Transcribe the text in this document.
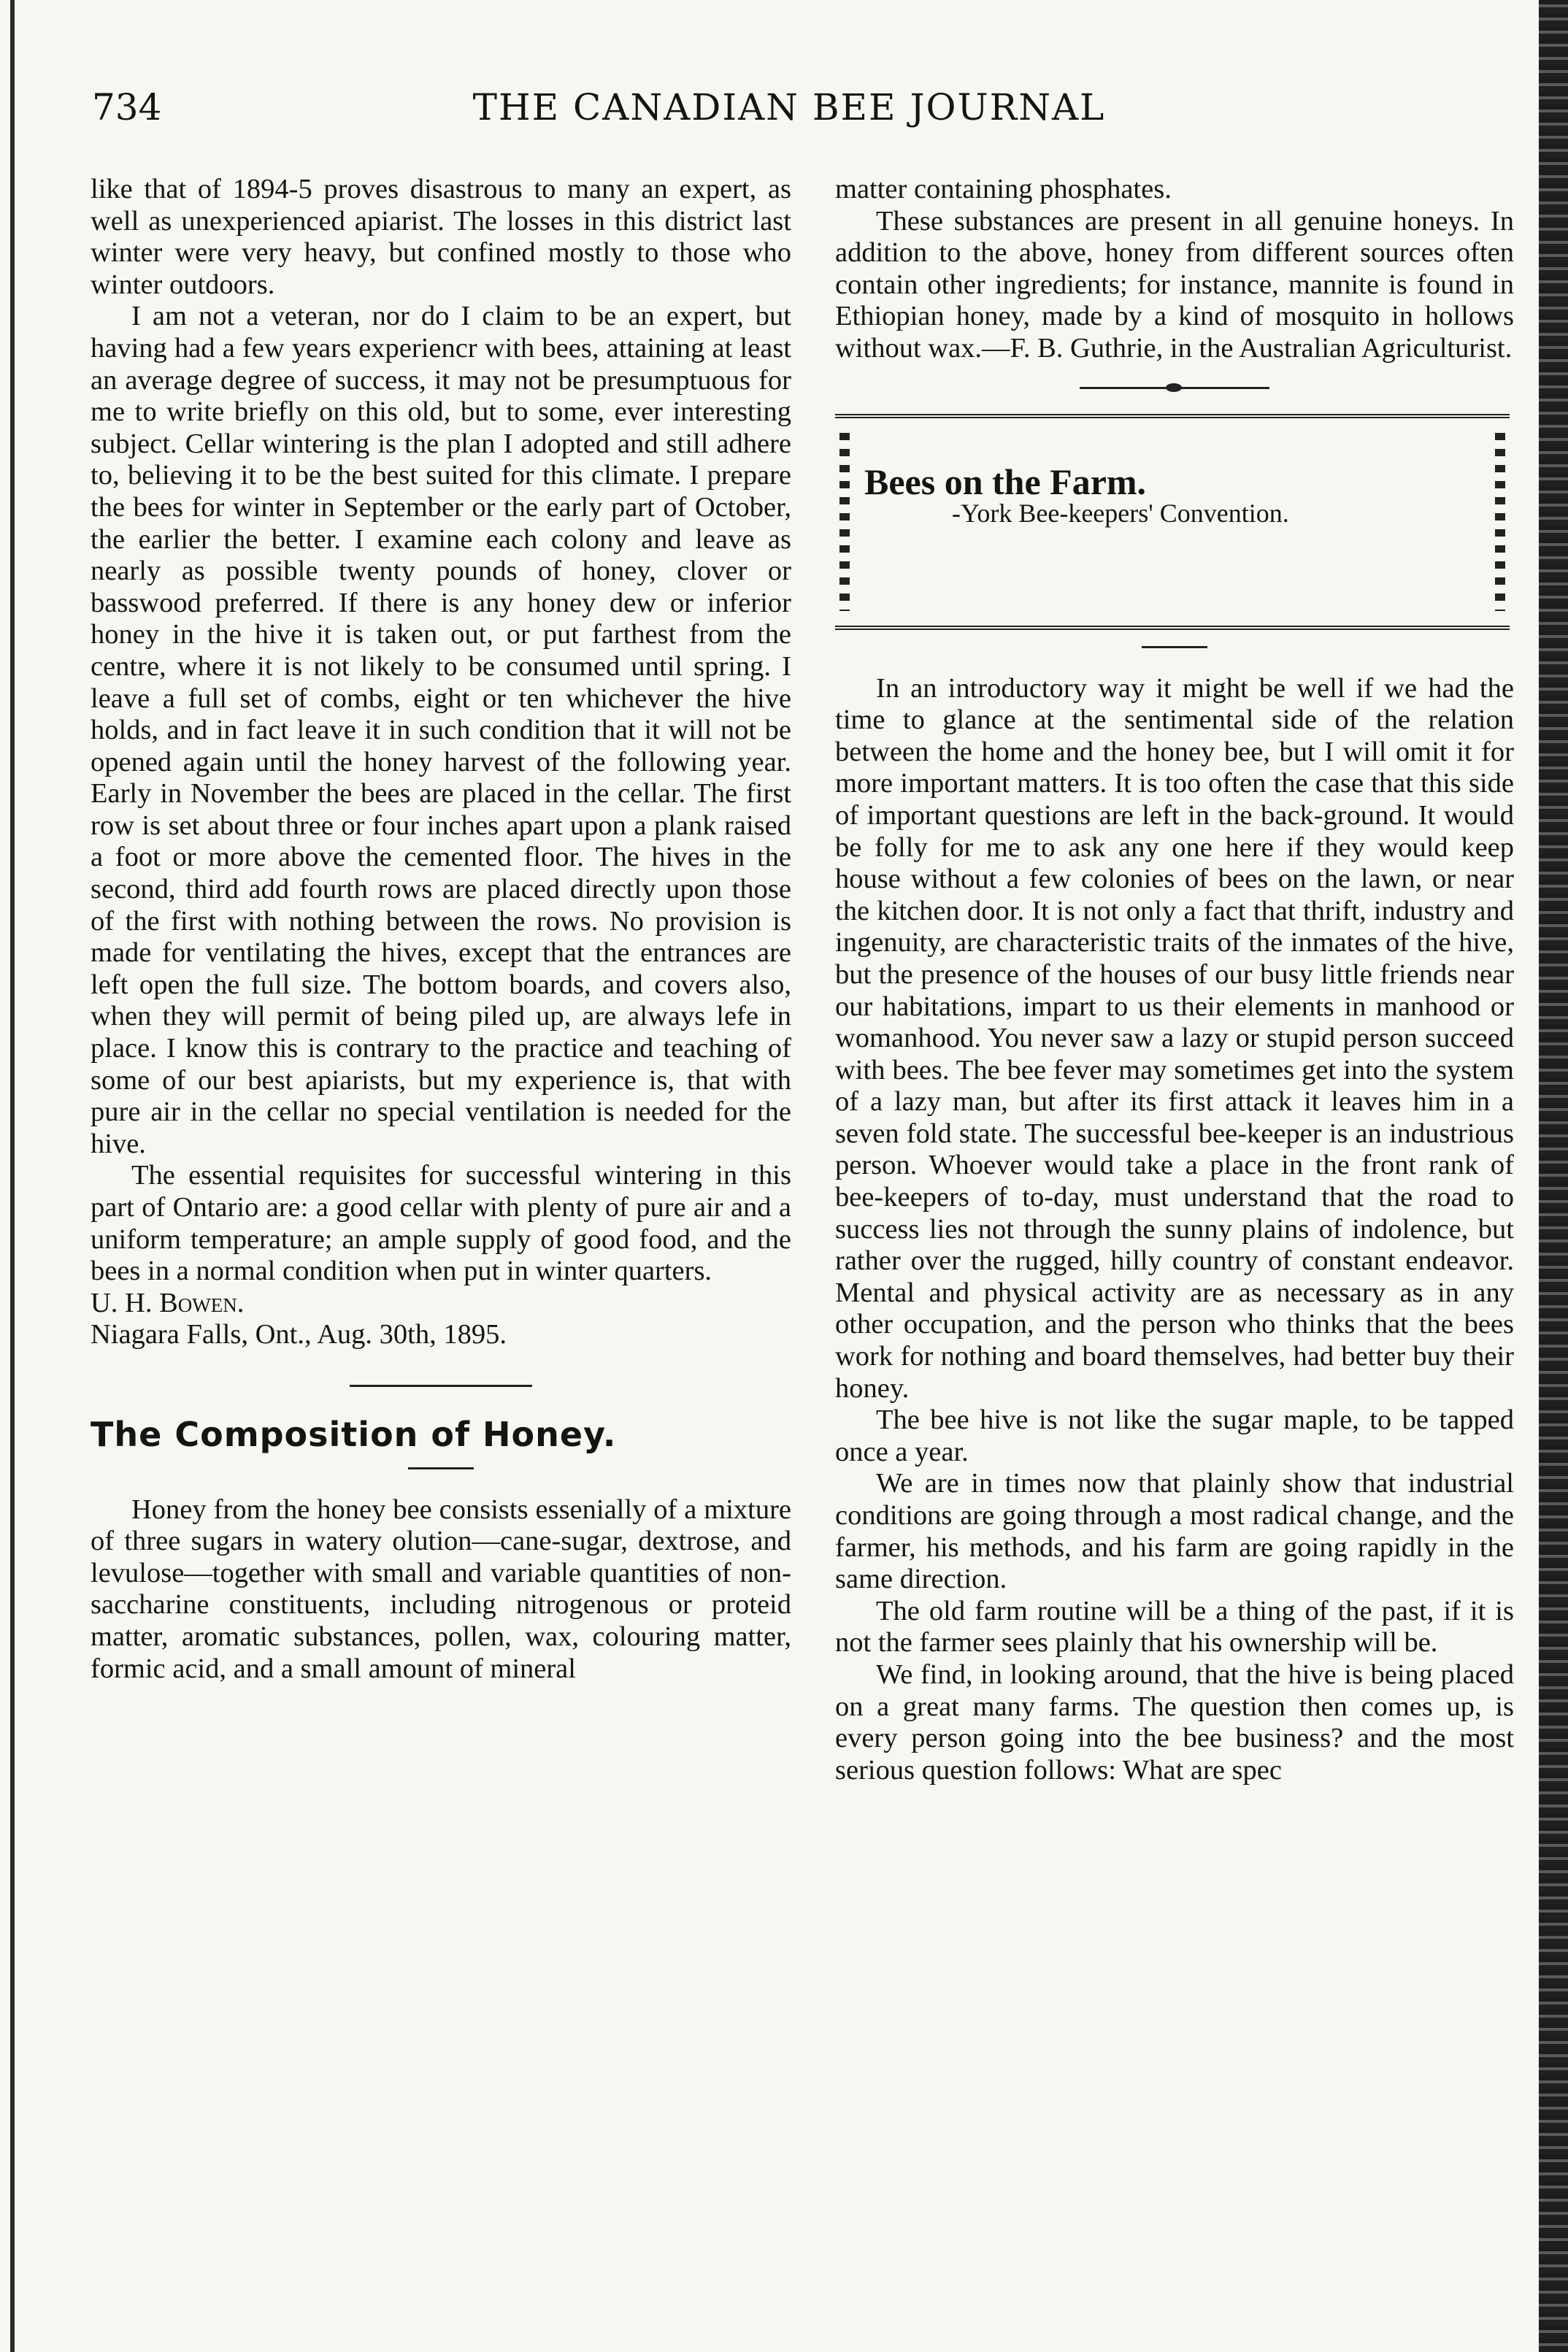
734	THE CANADIAN BEE JOURNAL

like that of 1894-5 proves disastrous to many an expert, as well as unexperienced apiarist. The losses in this district last winter were very heavy, but confined mostly to those who winter outdoors.

I am not a veteran, nor do I claim to be an expert, but having had a few years experiencr with bees, attaining at least an average degree of success, it may not be presumptuous for me to write briefly on this old, but to some, ever interesting subject. Cellar wintering is the plan I adopted and still adhere to, believing it to be the best suited for this climate. I prepare the bees for winter in September or the early part of October, the earlier the better. I examine each colony and leave as nearly as possible twenty pounds of honey, clover or basswood preferred. If there is any honey dew or inferior honey in the hive it is taken out, or put farthest from the centre, where it is not likely to be consumed until spring. I leave a full set of combs, eight or ten whichever the hive holds, and in fact leave it in such condition that it will not be opened again until the honey harvest of the following year. Early in November the bees are placed in the cellar. The first row is set about three or four inches apart upon a plank raised a foot or more above the cemented floor. The hives in the second, third add fourth rows are placed directly upon those of the first with nothing between the rows. No provision is made for ventilating the hives, except that the entrances are left open the full size. The bottom boards, and covers also, when they will permit of being piled up, are always lefe in place. I know this is contrary to the practice and teaching of some of our best apiarists, but my experience is, that with pure air in the cellar no special ventilation is needed for the hive.

The essential requisites for successful wintering in this part of Ontario are: a good cellar with plenty of pure air and a uniform temperature; an ample supply of good food, and the bees in a normal condition when put in winter quarters.

U. H. Bowen.

Niagara Falls, Ont., Aug. 30th, 1895.

The Composition of Honey.

Honey from the honey bee consists essenially of a mixture of three sugars in watery olution—cane-sugar, dextrose, and levulose—together with small and variable quantities of non-saccharine constituents, including nitrogenous or proteid matter, aromatic substances, pollen, wax, colouring matter, formic acid, and a small amount of mineral

matter containing phosphates.

These substances are present in all genuine honeys. In addition to the above, honey from different sources often contain other ingredients; for instance, mannite is found in Ethiopian honey, made by a kind of mosquito in hollows without wax.—F. B. Guthrie, in the Australian Agriculturist.

Bees on the Farm.

-York Bee-keepers' Convention.

In an introductory way it might be well if we had the time to glance at the sentimental side of the relation between the home and the honey bee, but I will omit it for more important matters. It is too often the case that this side of important questions are left in the back-ground. It would be folly for me to ask any one here if they would keep house without a few colonies of bees on the lawn, or near the kitchen door. It is not only a fact that thrift, industry and ingenuity, are characteristic traits of the inmates of the hive, but the presence of the houses of our busy little friends near our habitations, impart to us their elements in manhood or womanhood. You never saw a lazy or stupid person succeed with bees. The bee fever may sometimes get into the system of a lazy man, but after its first attack it leaves him in a seven fold state. The successful bee-keeper is an industrious person. Whoever would take a place in the front rank of bee-keepers of to-day, must understand that the road to success lies not through the sunny plains of indolence, but rather over the rugged, hilly country of constant endeavor. Mental and physical activity are as necessary as in any other occupation, and the person who thinks that the bees work for nothing and board themselves, had better buy their honey.

The bee hive is not like the sugar maple, to be tapped once a year.

We are in times now that plainly show that industrial conditions are going through a most radical change, and the farmer, his methods, and his farm are going rapidly in the same direction.

The old farm routine will be a thing of the past, if it is not the farmer sees plainly that his ownership will be.

We find, in looking around, that the hive is being placed on a great many farms. The question then comes up, is every person going into the bee business? and the most serious question follows: What are spec
